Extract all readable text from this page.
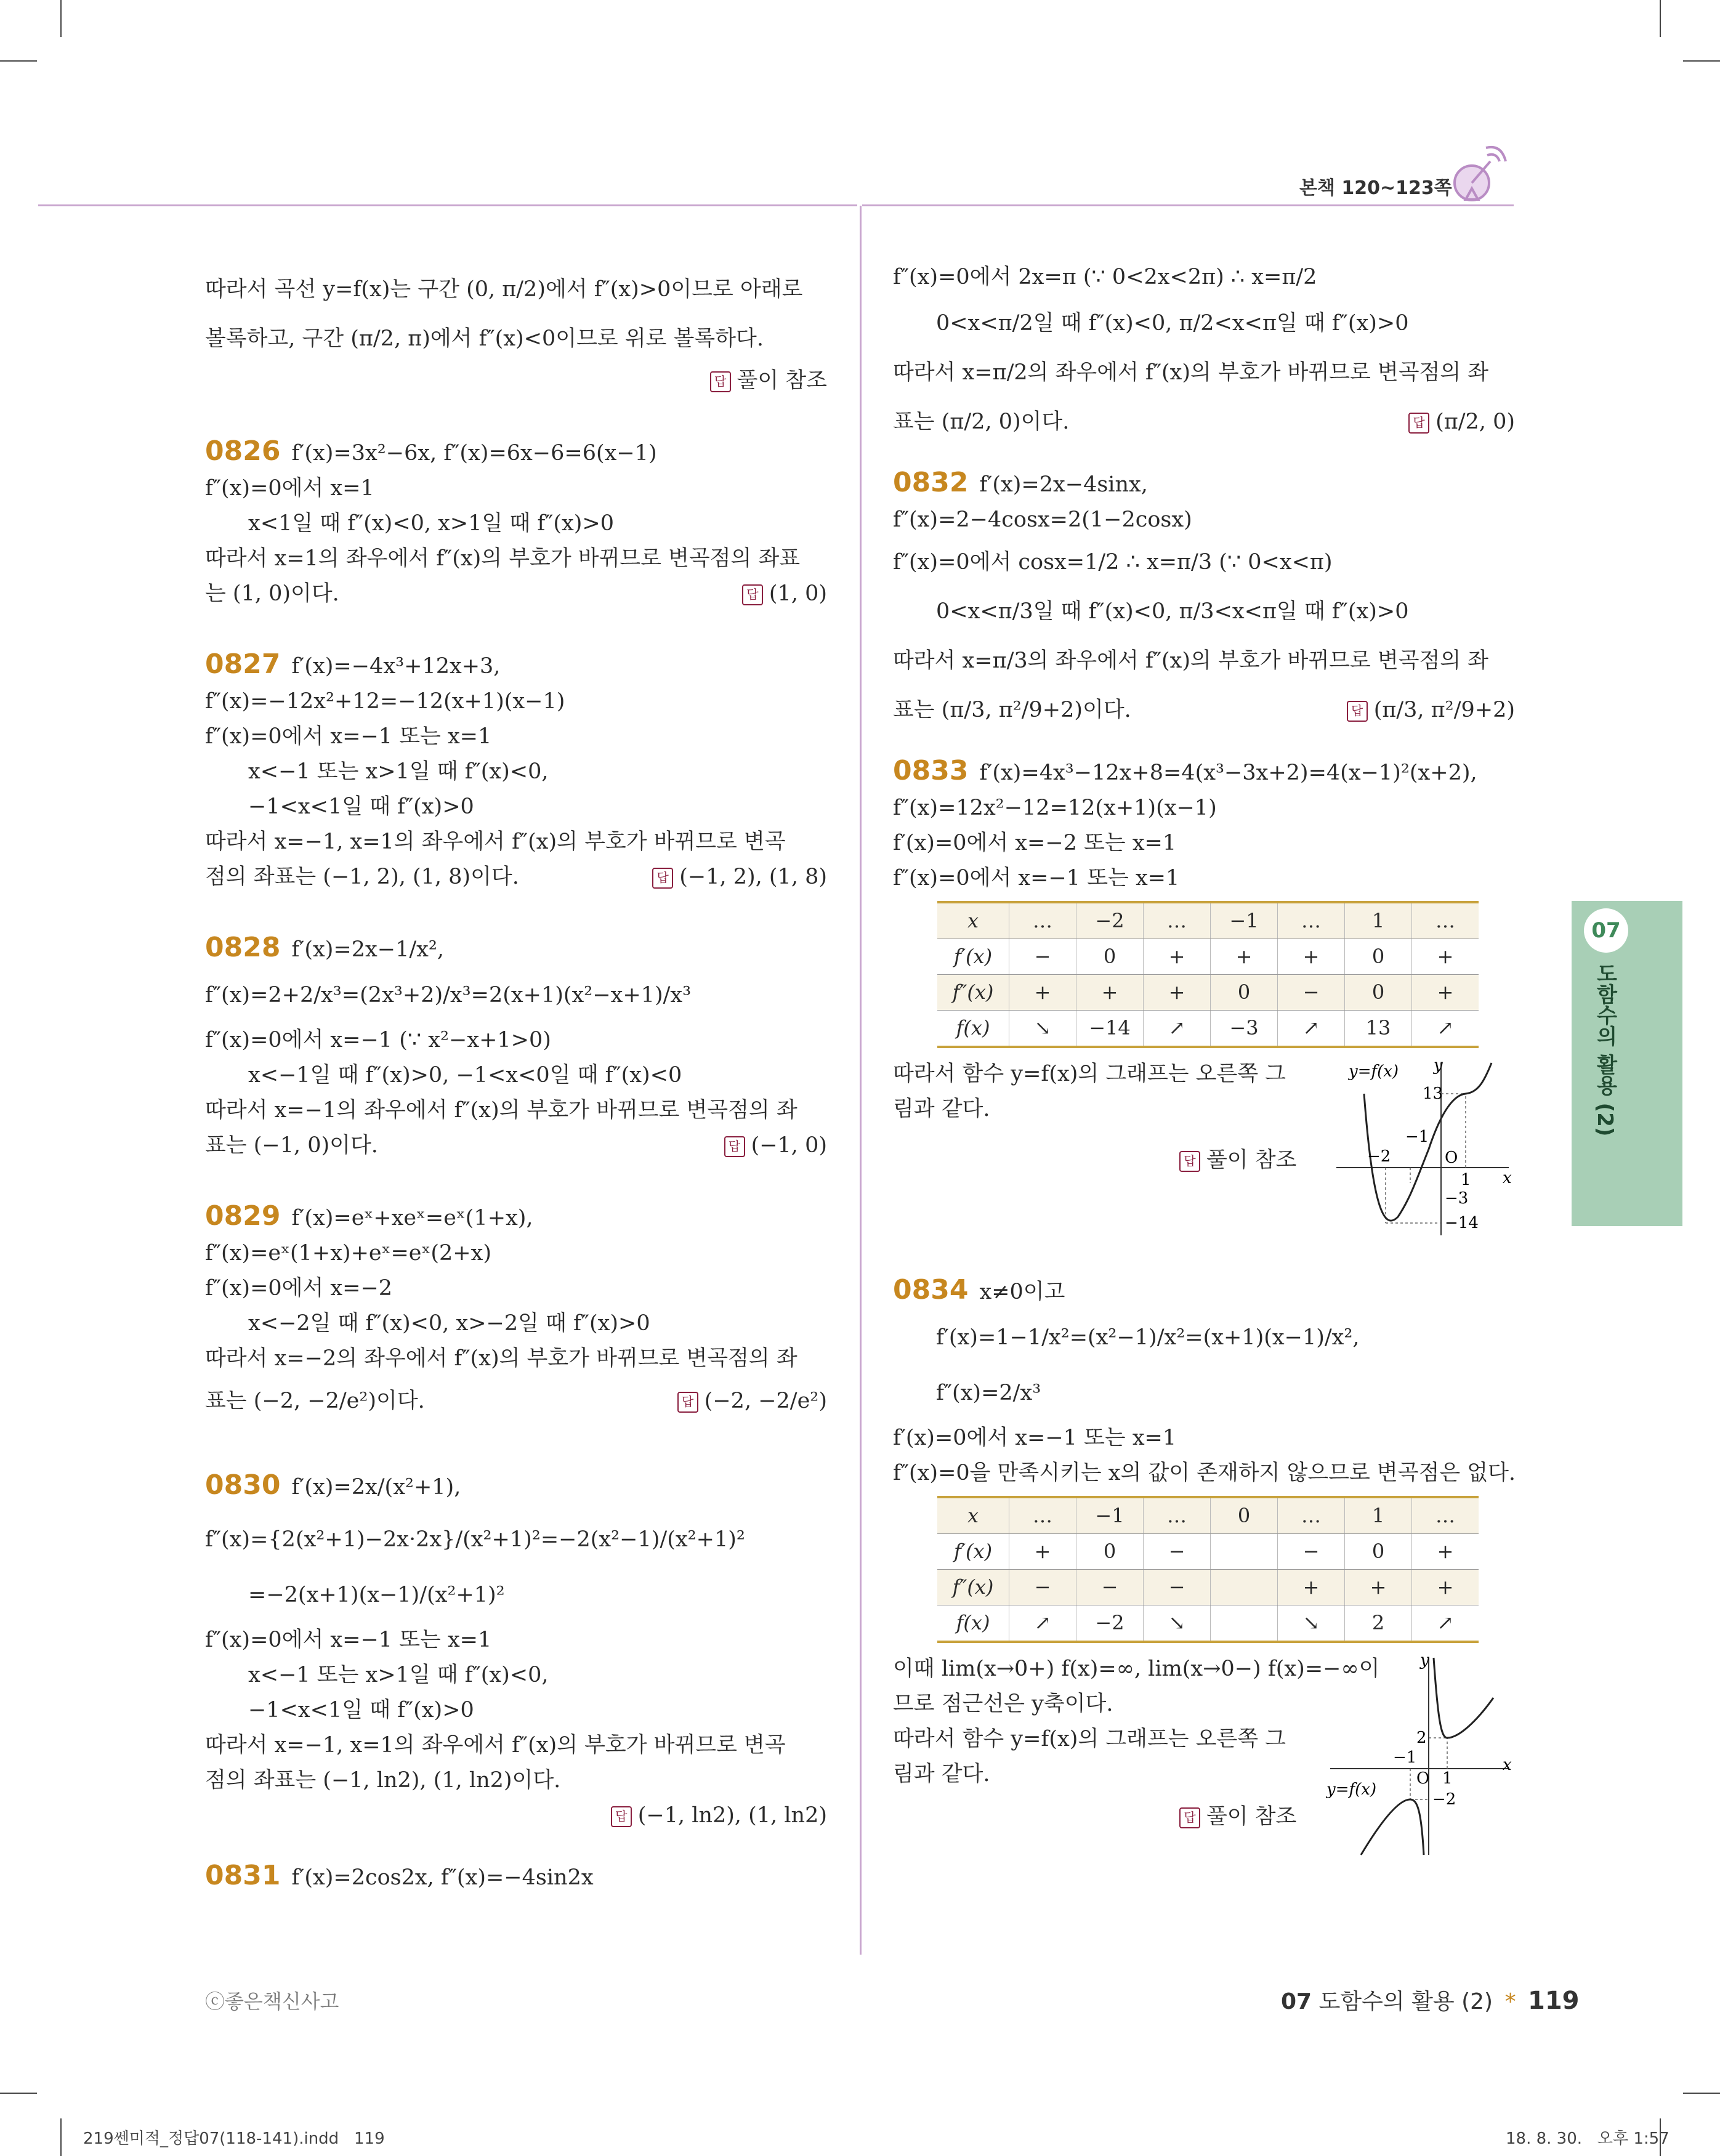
본책 120~123쪽
07
도함수의 활용 (2)
따라서 곡선 y=f(x)는 구간 (0, π/2)에서 f″(x)>0이므로 아래로
볼록하고, 구간 (π/2, π)에서 f″(x)<0이므로 위로 볼록하다.
답 풀이 참조
0826 f′(x)=3x²−6x, f″(x)=6x−6=6(x−1)
f″(x)=0에서 x=1
x<1일 때 f″(x)<0, x>1일 때 f″(x)>0
따라서 x=1의 좌우에서 f″(x)의 부호가 바뀌므로 변곡점의 좌표
는 (1, 0)이다.	답 (1, 0)
0827 f′(x)=−4x³+12x+3,
f″(x)=−12x²+12=−12(x+1)(x−1)
f″(x)=0에서 x=−1 또는 x=1
x<−1 또는 x>1일 때 f″(x)<0,
−1<x<1일 때 f″(x)>0
따라서 x=−1, x=1의 좌우에서 f″(x)의 부호가 바뀌므로 변곡
점의 좌표는 (−1, 2), (1, 8)이다.	답 (−1, 2), (1, 8)
0828 f′(x)=2x−1/x²,
f″(x)=2+2/x³=(2x³+2)/x³=2(x+1)(x²−x+1)/x³
f″(x)=0에서 x=−1 (∵ x²−x+1>0)
x<−1일 때 f″(x)>0, −1<x<0일 때 f″(x)<0
따라서 x=−1의 좌우에서 f″(x)의 부호가 바뀌므로 변곡점의 좌
표는 (−1, 0)이다.	답 (−1, 0)
0829 f′(x)=eˣ+xeˣ=eˣ(1+x),
f″(x)=eˣ(1+x)+eˣ=eˣ(2+x)
f″(x)=0에서 x=−2
x<−2일 때 f″(x)<0, x>−2일 때 f″(x)>0
따라서 x=−2의 좌우에서 f″(x)의 부호가 바뀌므로 변곡점의 좌
표는 (−2, −2/e²)이다.	답 (−2, −2/e²)
0830 f′(x)=2x/(x²+1),
f″(x)={2(x²+1)−2x·2x}/(x²+1)²=−2(x²−1)/(x²+1)²
=−2(x+1)(x−1)/(x²+1)²
f″(x)=0에서 x=−1 또는 x=1
x<−1 또는 x>1일 때 f″(x)<0,
−1<x<1일 때 f″(x)>0
따라서 x=−1, x=1의 좌우에서 f″(x)의 부호가 바뀌므로 변곡
점의 좌표는 (−1, ln2), (1, ln2)이다.
답 (−1, ln2), (1, ln2)
0831 f′(x)=2cos2x, f″(x)=−4sin2x
f″(x)=0에서 2x=π (∵ 0<2x<2π) ∴ x=π/2
0<x<π/2일 때 f″(x)<0, π/2<x<π일 때 f″(x)>0
따라서 x=π/2의 좌우에서 f″(x)의 부호가 바뀌므로 변곡점의 좌
표는 (π/2, 0)이다.	답 (π/2, 0)
0832 f′(x)=2x−4sinx,
f″(x)=2−4cosx=2(1−2cosx)
f″(x)=0에서 cosx=1/2 ∴ x=π/3 (∵ 0<x<π)
0<x<π/3일 때 f″(x)<0, π/3<x<π일 때 f″(x)>0
따라서 x=π/3의 좌우에서 f″(x)의 부호가 바뀌므로 변곡점의 좌
표는 (π/3, π²/9+2)이다.	답 (π/3, π²/9+2)
0833 f′(x)=4x³−12x+8=4(x³−3x+2)=4(x−1)²(x+2),
f″(x)=12x²−12=12(x+1)(x−1)
f′(x)=0에서 x=−2 또는 x=1
f″(x)=0에서 x=−1 또는 x=1
x	…	−2	…	−1	…	1	…
f′(x)	−	0	+	+	+	0	+
f″(x)	+	+	+	0	−	0	+
f(x)	↘	−14	↗	−3	↗	13	↗
따라서 함수 y=f(x)의 그래프는 오른쪽 그
림과 같다.
답 풀이 참조
y=f(x) y
x
O
13
−1
−2
1
−3
−14
0834 x≠0이고
f′(x)=1−1/x²=(x²−1)/x²=(x+1)(x−1)/x²,
f″(x)=2/x³
f′(x)=0에서 x=−1 또는 x=1
f″(x)=0을 만족시키는 x의 값이 존재하지 않으므로 변곡점은 없다.
x	…	−1	…	0	…	1	…
f′(x)	+	0	−		−	0	+
f″(x)	−	−	−		+	+	+
f(x)	↗	−2	↘		↘	2	↗
이때 lim(x→0+) f(x)=∞, lim(x→0−) f(x)=−∞이
므로 점근선은 y축이다.
따라서 함수 y=f(x)의 그래프는 오른쪽 그
림과 같다.
답 풀이 참조
y=f(x)
y
x
O
2
−1
1
−2
ⓒ좋은책신사고	07 도함수의 활용 (2) * 119
219쎈미적_정답07(118-141).indd   119	18. 8. 30.   오후 1:57
